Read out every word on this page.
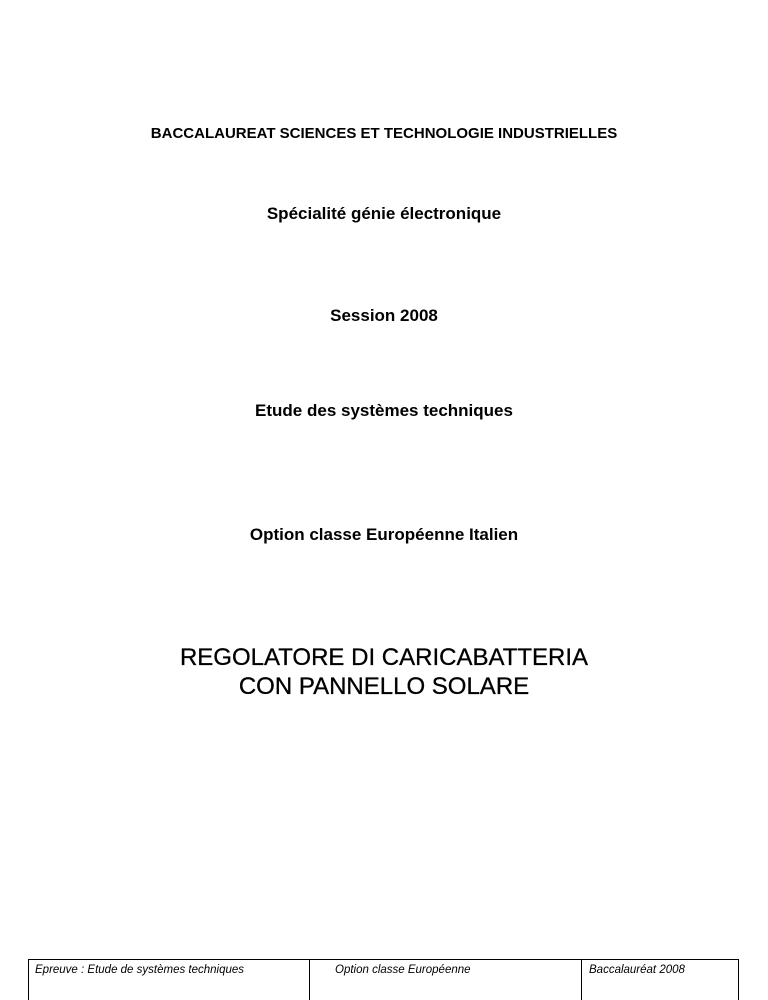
BACCALAUREAT SCIENCES ET TECHNOLOGIE INDUSTRIELLES
Spécialité génie électronique
Session 2008
Etude des systèmes techniques
Option classe Européenne Italien
REGOLATORE DI CARICABATTERIA
CON PANNELLO SOLARE
Epreuve : Etude de systèmes techniques	Option classe Européenne	Baccalauréat 2008
